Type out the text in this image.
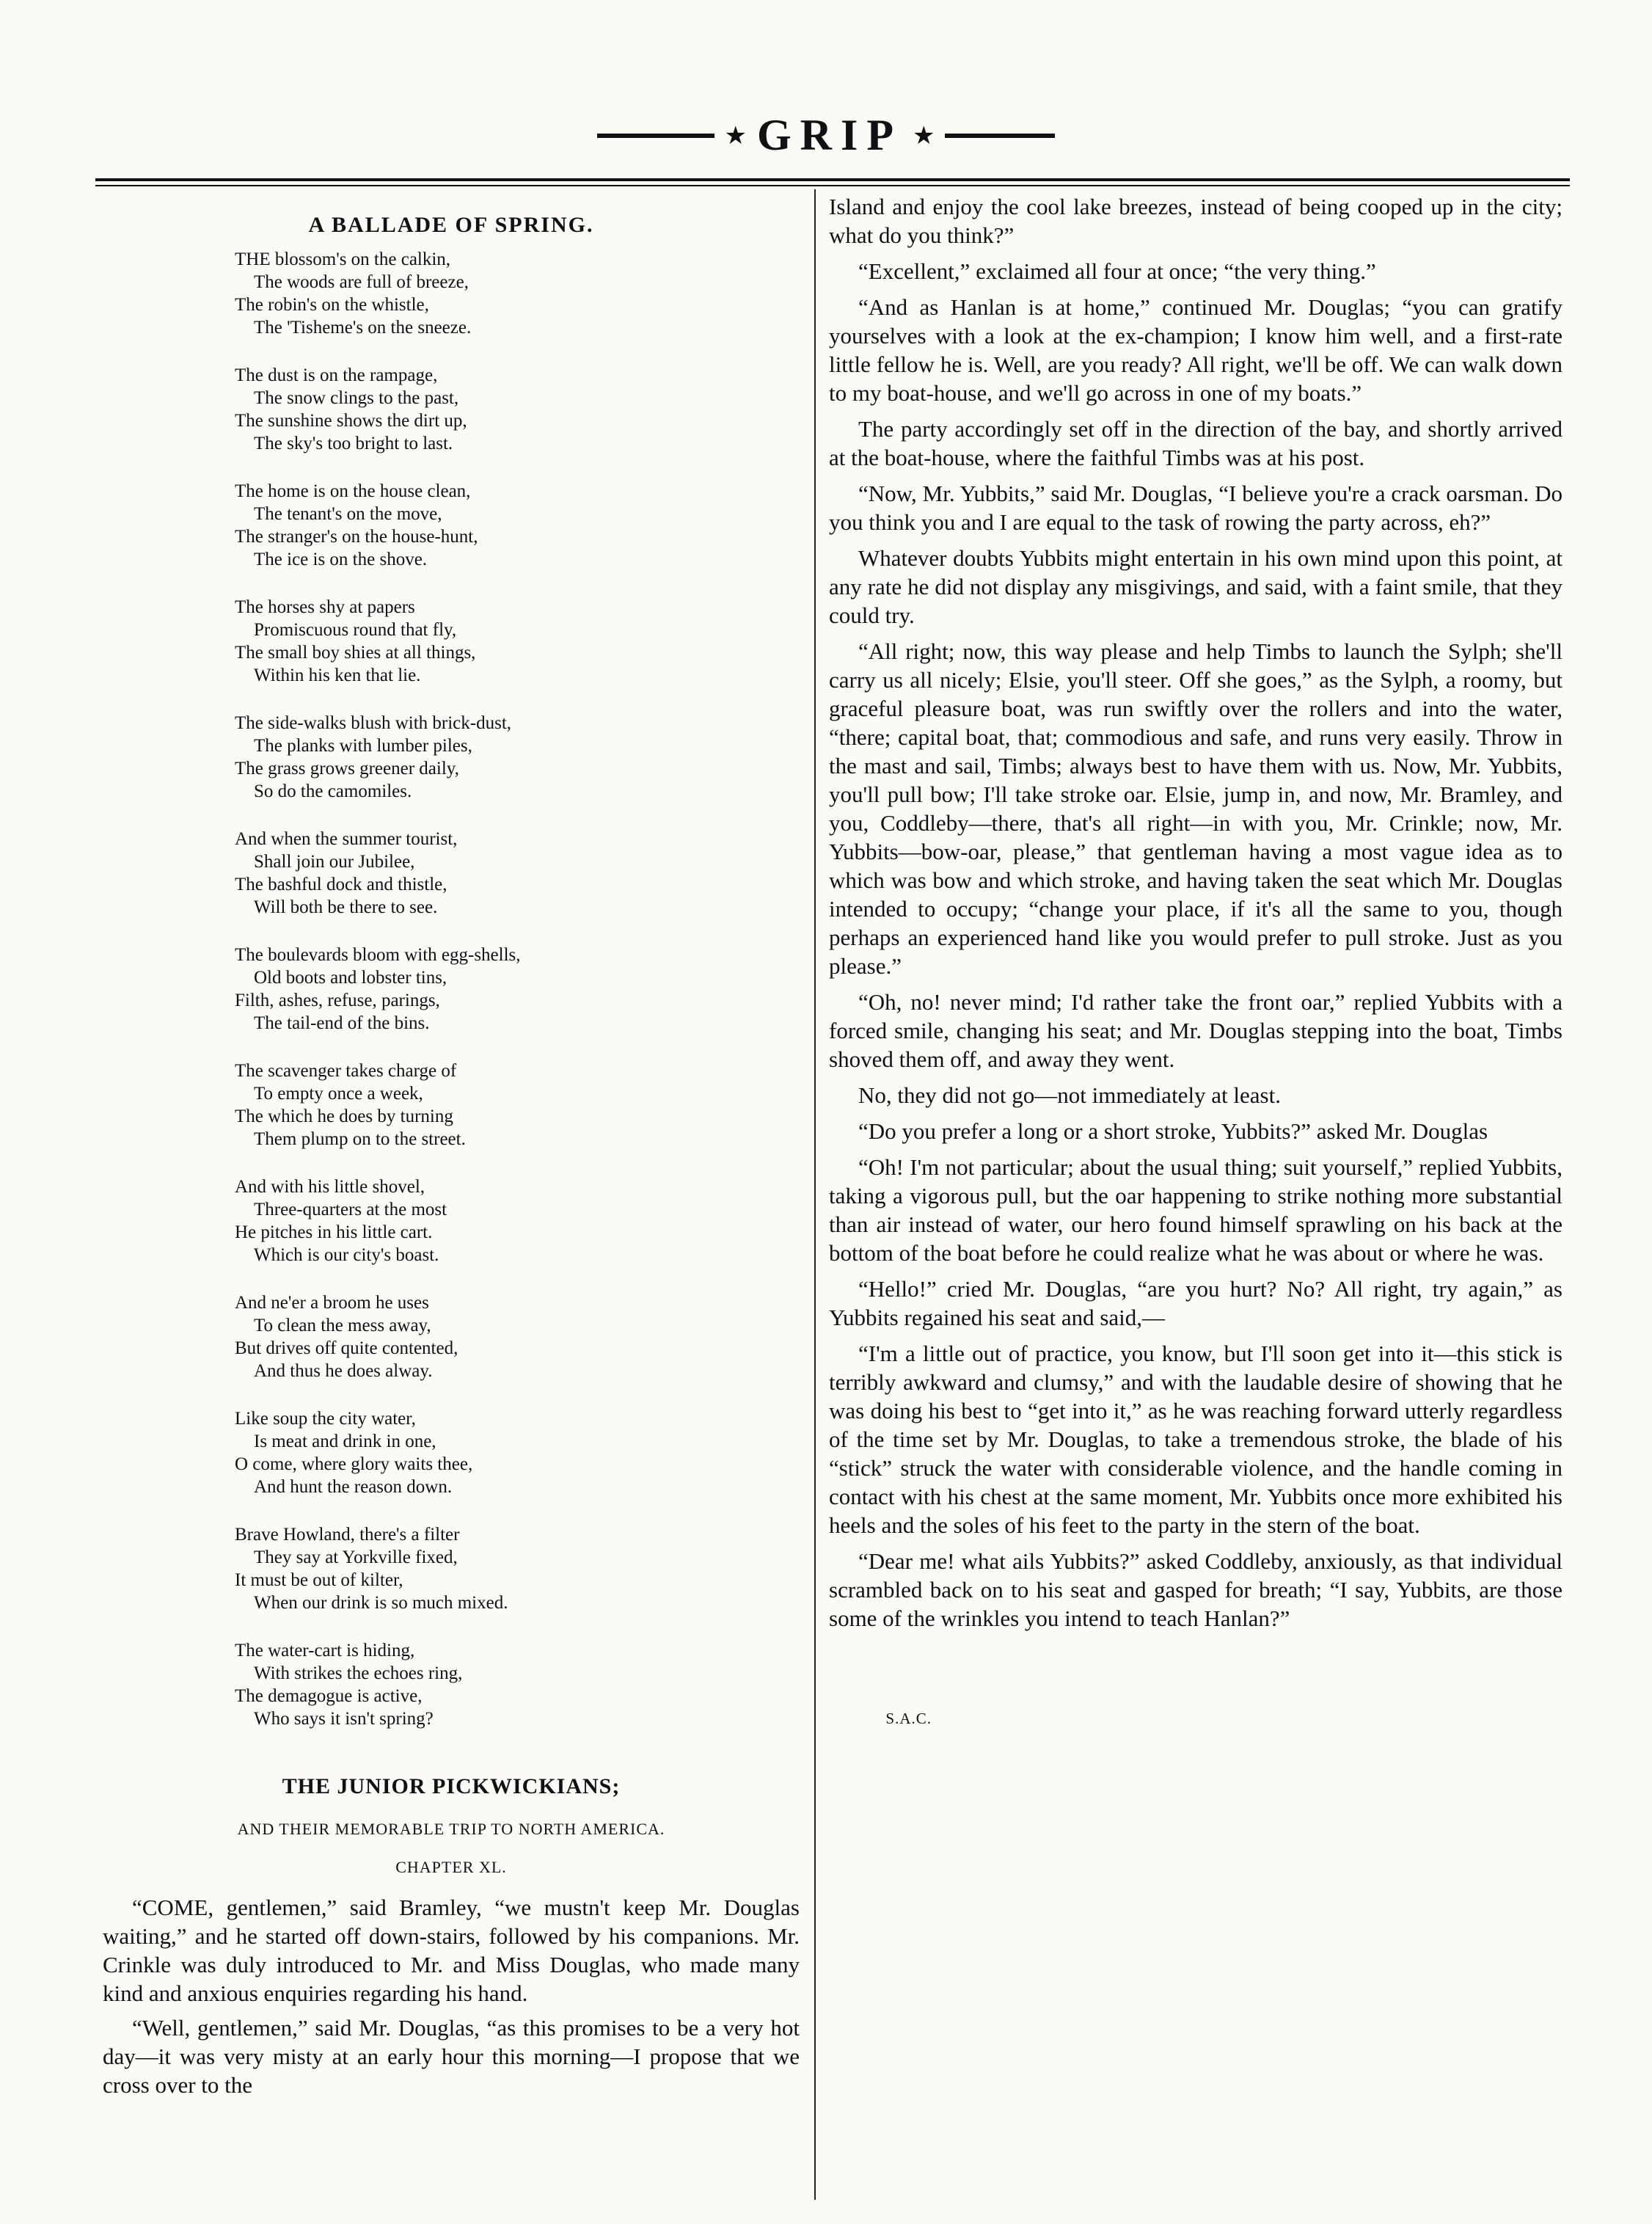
★ GRIP ★
A BALLADE OF SPRING.
THE blossom's on the calkin,
The woods are full of breeze,
The robin's on the whistle,
The 'Tisheme's on the sneeze.
The dust is on the rampage,
The snow clings to the past,
The sunshine shows the dirt up,
The sky's too bright to last.
The home is on the house clean,
The tenant's on the move,
The stranger's on the house-hunt,
The ice is on the shove.
The horses shy at papers
Promiscuous round that fly,
The small boy shies at all things,
Within his ken that lie.
The side-walks blush with brick-dust,
The planks with lumber piles,
The grass grows greener daily,
So do the camomiles.
And when the summer tourist,
Shall join our Jubilee,
The bashful dock and thistle,
Will both be there to see.
The boulevards bloom with egg-shells,
Old boots and lobster tins,
Filth, ashes, refuse, parings,
The tail-end of the bins.
The scavenger takes charge of
To empty once a week,
The which he does by turning
Them plump on to the street.
And with his little shovel,
Three-quarters at the most
He pitches in his little cart.
Which is our city's boast.
And ne'er a broom he uses
To clean the mess away,
But drives off quite contented,
And thus he does alway.
Like soup the city water,
Is meat and drink in one,
O come, where glory waits thee,
And hunt the reason down.
Brave Howland, there's a filter
They say at Yorkville fixed,
It must be out of kilter,
When our drink is so much mixed.
The water-cart is hiding,
With strikes the echoes ring,
The demagogue is active,
Who says it isn't spring?	S.A.C.
THE JUNIOR PICKWICKIANS;
AND THEIR MEMORABLE TRIP TO NORTH AMERICA.
CHAPTER XL.

“COME, gentlemen,” said Bramley, “we mustn't keep Mr. Douglas waiting,” and he started off down-stairs, followed by his companions. Mr. Crinkle was duly introduced to Mr. and Miss Douglas, who made many kind and anxious enquiries regarding his hand.

“Well, gentlemen,” said Mr. Douglas, “as this promises to be a very hot day—it was very misty at an early hour this morning—I propose that we cross over to the

Island and enjoy the cool lake breezes, instead of being cooped up in the city; what do you think?”

“Excellent,” exclaimed all four at once; “the very thing.”

“And as Hanlan is at home,” continued Mr. Douglas; “you can gratify yourselves with a look at the ex-champion; I know him well, and a first-rate little fellow he is. Well, are you ready? All right, we'll be off. We can walk down to my boat-house, and we'll go across in one of my boats.”

The party accordingly set off in the direction of the bay, and shortly arrived at the boat-house, where the faithful Timbs was at his post.

“Now, Mr. Yubbits,” said Mr. Douglas, “I believe you're a crack oarsman. Do you think you and I are equal to the task of rowing the party across, eh?”

Whatever doubts Yubbits might entertain in his own mind upon this point, at any rate he did not display any misgivings, and said, with a faint smile, that they could try.

“All right; now, this way please and help Timbs to launch the Sylph; she'll carry us all nicely; Elsie, you'll steer. Off she goes,” as the Sylph, a roomy, but graceful pleasure boat, was run swiftly over the rollers and into the water, “there; capital boat, that; commodious and safe, and runs very easily. Throw in the mast and sail, Timbs; always best to have them with us. Now, Mr. Yubbits, you'll pull bow; I'll take stroke oar. Elsie, jump in, and now, Mr. Bramley, and you, Coddleby—there, that's all right—in with you, Mr. Crinkle; now, Mr. Yubbits—bow-oar, please,” that gentleman having a most vague idea as to which was bow and which stroke, and having taken the seat which Mr. Douglas intended to occupy; “change your place, if it's all the same to you, though perhaps an experienced hand like you would prefer to pull stroke. Just as you please.”

“Oh, no! never mind; I'd rather take the front oar,” replied Yubbits with a forced smile, changing his seat; and Mr. Douglas stepping into the boat, Timbs shoved them off, and away they went.

No, they did not go—not immediately at least.

“Do you prefer a long or a short stroke, Yubbits?” asked Mr. Douglas

“Oh! I'm not particular; about the usual thing; suit yourself,” replied Yubbits, taking a vigorous pull, but the oar happening to strike nothing more substantial than air instead of water, our hero found himself sprawling on his back at the bottom of the boat before he could realize what he was about or where he was.

“Hello!” cried Mr. Douglas, “are you hurt? No? All right, try again,” as Yubbits regained his seat and said,—

“I'm a little out of practice, you know, but I'll soon get into it—this stick is terribly awkward and clumsy,” and with the laudable desire of showing that he was doing his best to “get into it,” as he was reaching forward utterly regardless of the time set by Mr. Douglas, to take a tremendous stroke, the blade of his “stick” struck the water with considerable violence, and the handle coming in contact with his chest at the same moment, Mr. Yubbits once more exhibited his heels and the soles of his feet to the party in the stern of the boat.

“Dear me! what ails Yubbits?” asked Coddleby, anxiously, as that individual scrambled back on to his seat and gasped for breath; “I say, Yubbits, are those some of the wrinkles you intend to teach Hanlan?”
